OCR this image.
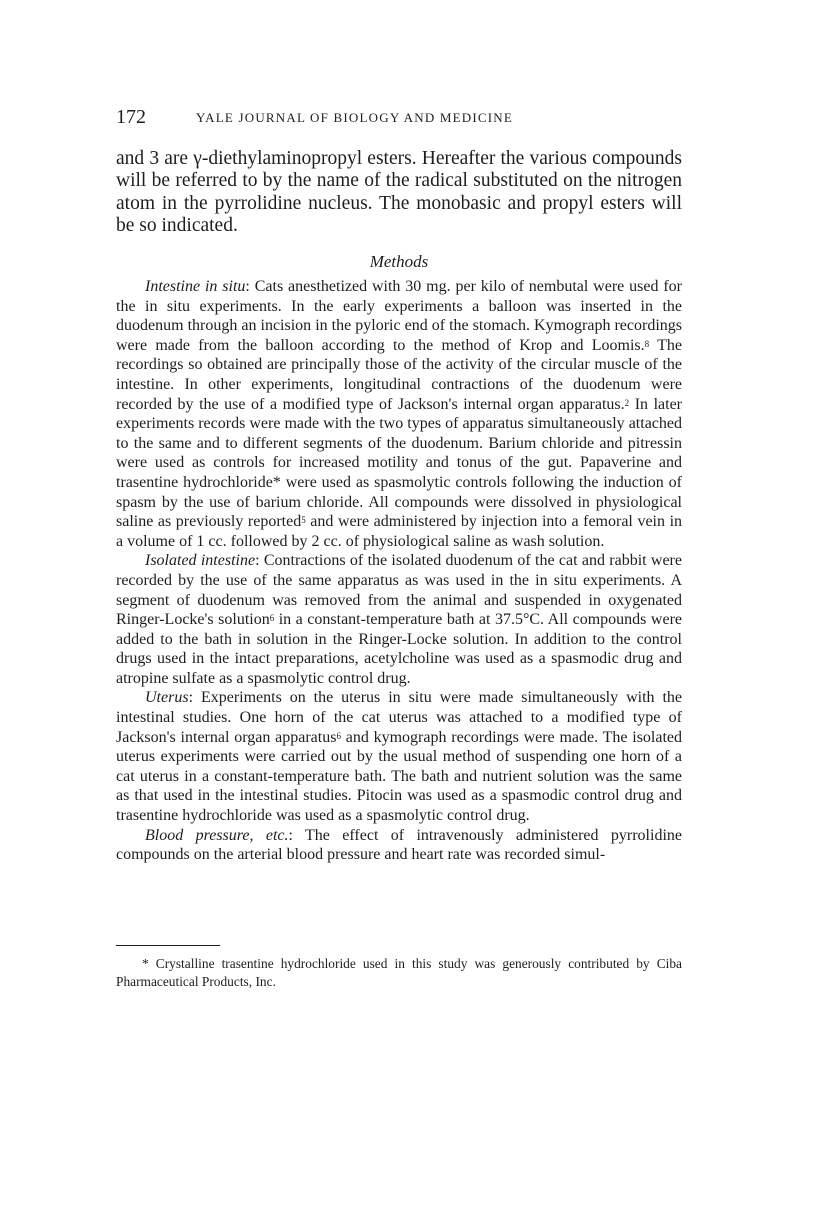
172	YALE JOURNAL OF BIOLOGY AND MEDICINE
and 3 are γ-diethylaminopropyl esters. Hereafter the various compounds will be referred to by the name of the radical substituted on the nitrogen atom in the pyrrolidine nucleus. The monobasic and propyl esters will be so indicated.
Methods

Intestine in situ: Cats anesthetized with 30 mg. per kilo of nembutal were used for the in situ experiments. In the early experiments a balloon was inserted in the duodenum through an incision in the pyloric end of the stomach. Kymograph recordings were made from the balloon according to the method of Krop and Loomis.$^8$ The recordings so obtained are principally those of the activity of the circular muscle of the intestine. In other experiments, longitudinal contractions of the duodenum were recorded by the use of a modified type of Jackson's internal organ apparatus.$^2$ In later experiments records were made with the two types of apparatus simultaneously attached to the same and to different segments of the duodenum. Barium chloride and pitressin were used as controls for increased motility and tonus of the gut. Papaverine and trasentine hydrochloride* were used as spasmolytic controls following the induction of spasm by the use of barium chloride. All compounds were dissolved in physiological saline as previously reported$^5$ and were administered by injection into a femoral vein in a volume of 1 cc. followed by 2 cc. of physiological saline as wash solution.

Isolated intestine: Contractions of the isolated duodenum of the cat and rabbit were recorded by the use of the same apparatus as was used in the in situ experiments. A segment of duodenum was removed from the animal and suspended in oxygenated Ringer-Locke's solution$^6$ in a constant-temperature bath at 37.5°C. All compounds were added to the bath in solution in the Ringer-Locke solution. In addition to the control drugs used in the intact preparations, acetylcholine was used as a spasmodic drug and atropine sulfate as a spasmolytic control drug.

Uterus: Experiments on the uterus in situ were made simultaneously with the intestinal studies. One horn of the cat uterus was attached to a modified type of Jackson's internal organ apparatus$^6$ and kymograph recordings were made. The isolated uterus experiments were carried out by the usual method of suspending one horn of a cat uterus in a constant-temperature bath. The bath and nutrient solution was the same as that used in the intestinal studies. Pitocin was used as a spasmodic control drug and trasentine hydrochloride was used as a spasmolytic control drug.

Blood pressure, etc.: The effect of intravenously administered pyrrolidine compounds on the arterial blood pressure and heart rate was recorded simul-

* Crystalline trasentine hydrochloride used in this study was generously contributed by Ciba Pharmaceutical Products, Inc.
